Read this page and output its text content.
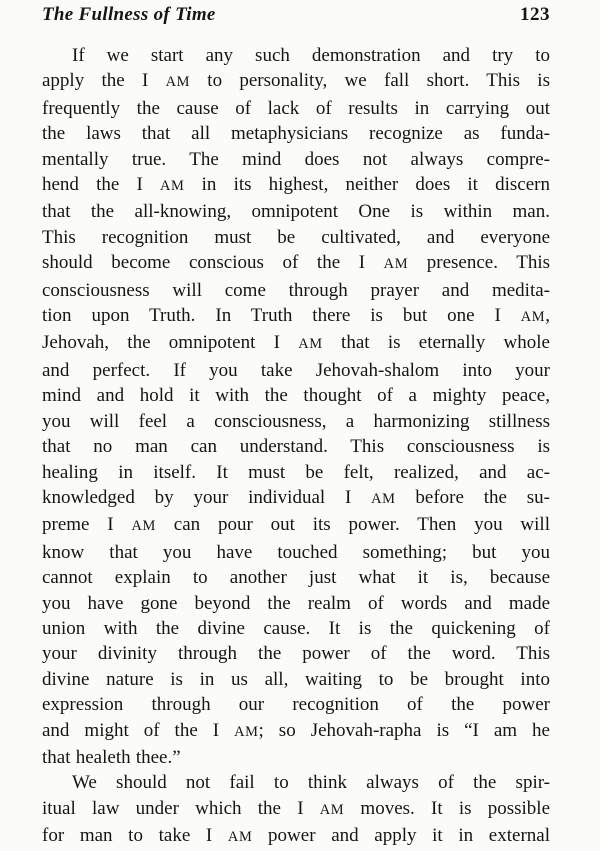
The Fullness of Time	123
If we start any such demonstration and try to
apply the I AM to personality, we fall short. This is
frequently the cause of lack of results in carrying out
the laws that all metaphysicians recognize as funda-
mentally true. The mind does not always compre-
hend the I AM in its highest, neither does it discern
that the all-knowing, omnipotent One is within man.
This recognition must be cultivated, and everyone
should become conscious of the I AM presence. This
consciousness will come through prayer and medita-
tion upon Truth. In Truth there is but one I AM,
Jehovah, the omnipotent I AM that is eternally whole
and perfect. If you take Jehovah-shalom into your
mind and hold it with the thought of a mighty peace,
you will feel a consciousness, a harmonizing stillness
that no man can understand. This consciousness is
healing in itself. It must be felt, realized, and ac-
knowledged by your individual I AM before the su-
preme I AM can pour out its power. Then you will
know that you have touched something; but you
cannot explain to another just what it is, because
you have gone beyond the realm of words and made
union with the divine cause. It is the quickening of
your divinity through the power of the word. This
divine nature is in us all, waiting to be brought into
expression through our recognition of the power
and might of the I AM; so Jehovah-rapha is “I am he
that healeth thee.”
We should not fail to think always of the spir-
itual law under which the I AM moves. It is possible
for man to take I AM power and apply it in external
